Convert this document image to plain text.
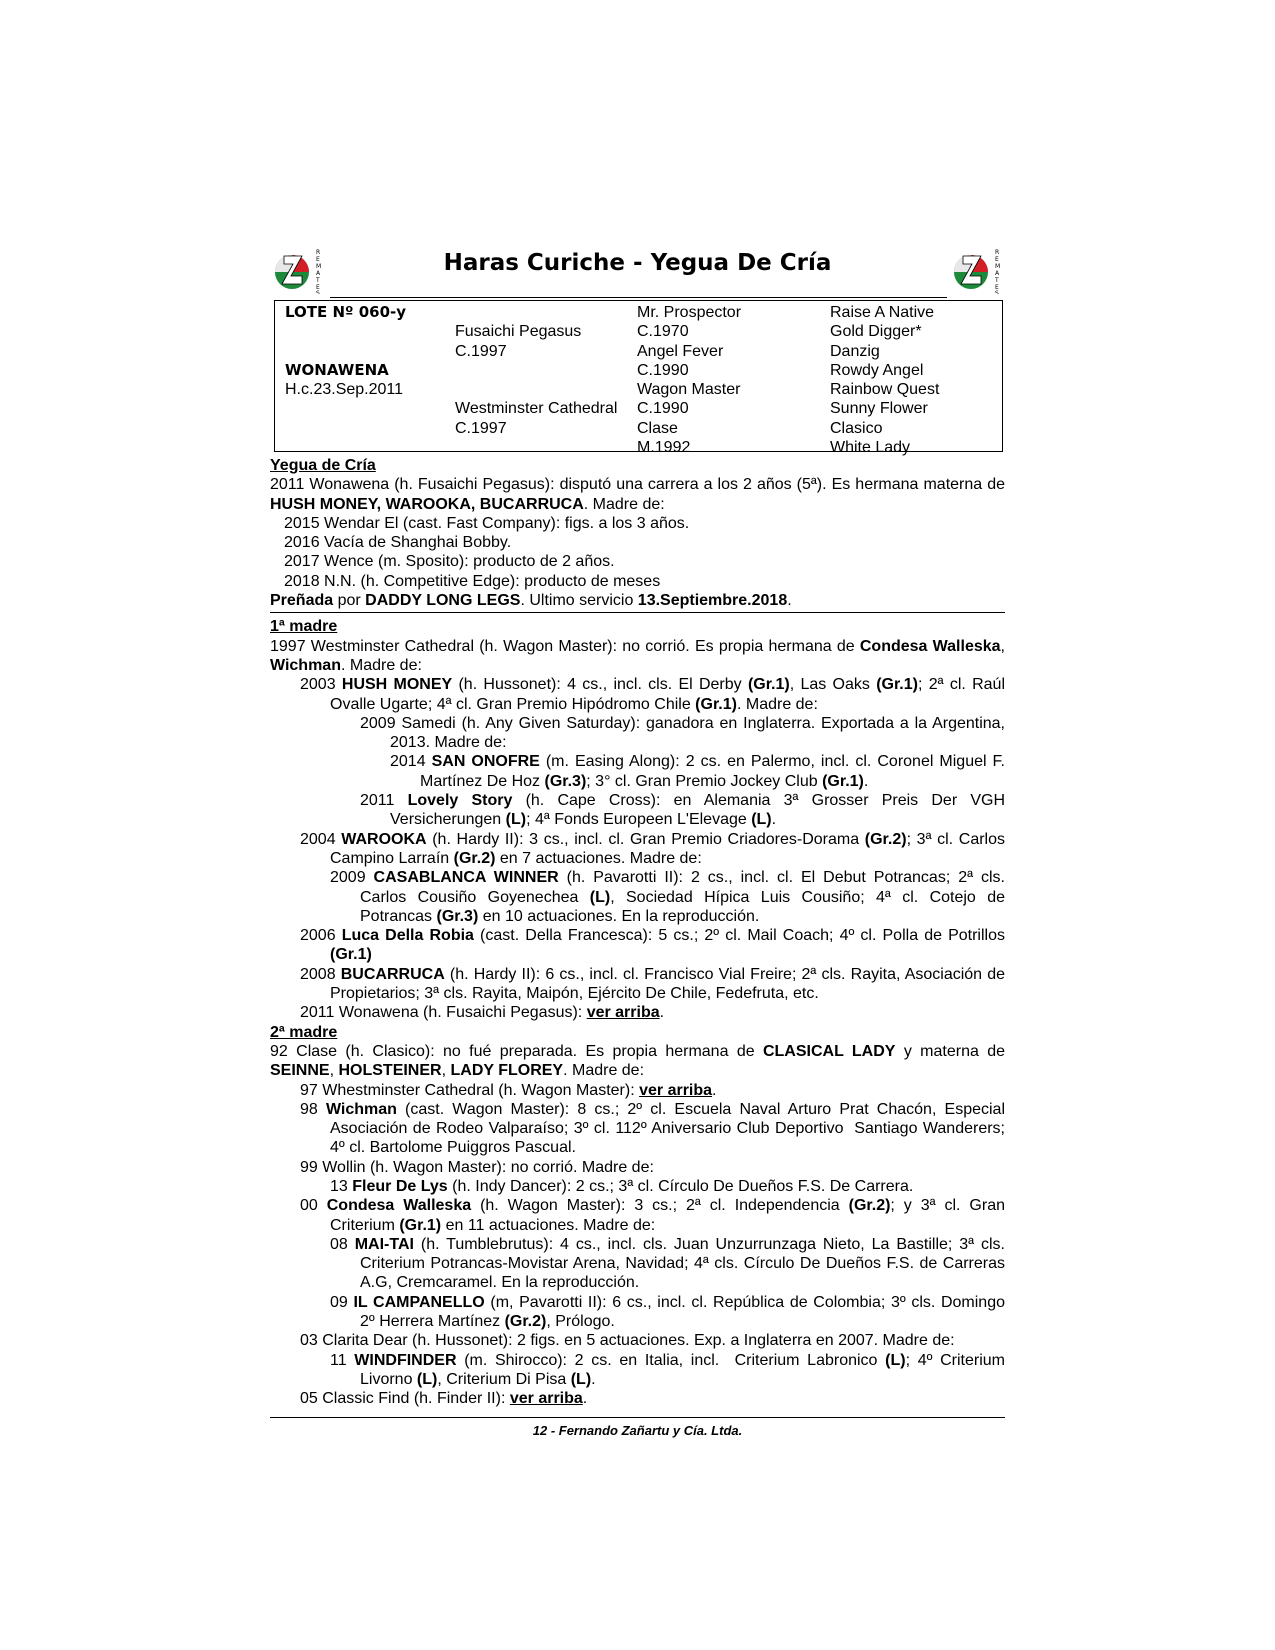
R
E
M
A
T
E
S
Haras Curiche - Yegua De Cría	R
E
M
A
T
E
S
LOTE Nº 060-y
WONAWENA
H.c.23.Sep.2011
Fusaichi Pegasus
C.1997
Westminster Cathedral
C.1997
Mr. Prospector
C.1970
Angel Fever
C.1990
Wagon Master
C.1990
Clase
M.1992
Raise A Native
Gold Digger*
Danzig
Rowdy Angel
Rainbow Quest
Sunny Flower
Clasico
White Lady
Yegua de Cría
2011 Wonawena (h. Fusaichi Pegasus): disputó una carrera a los 2 años (5ª). Es hermana materna de HUSH MONEY, WAROOKA, BUCARRUCA. Madre de:
2015 Wendar El (cast. Fast Company): figs. a los 3 años.
2016 Vacía de Shanghai Bobby.
2017 Wence (m. Sposito): producto de 2 años.
2018 N.N. (h. Competitive Edge): producto de meses
Preñada por DADDY LONG LEGS. Ultimo servicio 13.Septiembre.2018.
1ª madre
1997 Westminster Cathedral (h. Wagon Master): no corrió. Es propia hermana de Condesa Walleska, Wichman. Madre de:
2003 HUSH MONEY (h. Hussonet): 4 cs., incl. cls. El Derby (Gr.1), Las Oaks (Gr.1); 2ª cl. Raúl Ovalle Ugarte; 4ª cl. Gran Premio Hipódromo Chile (Gr.1). Madre de:
2009 Samedi (h. Any Given Saturday): ganadora en Inglaterra. Exportada a la Argentina, 2013. Madre de:
2014 SAN ONOFRE (m. Easing Along): 2 cs. en Palermo, incl. cl. Coronel Miguel F. Martínez De Hoz (Gr.3); 3° cl. Gran Premio Jockey Club (Gr.1).
2011 Lovely Story (h. Cape Cross): en Alemania 3ª Grosser Preis Der VGH Versicherungen (L); 4ª Fonds Europeen L'Elevage (L).
2004 WAROOKA (h. Hardy II): 3 cs., incl. cl. Gran Premio Criadores-Dorama (Gr.2); 3ª cl. Carlos Campino Larraín (Gr.2) en 7 actuaciones. Madre de:
2009 CASABLANCA WINNER (h. Pavarotti II): 2 cs., incl. cl. El Debut Potrancas; 2ª cls. Carlos Cousiño Goyenechea (L), Sociedad Hípica Luis Cousiño; 4ª cl. Cotejo de Potrancas (Gr.3) en 10 actuaciones. En la reproducción.
2006 Luca Della Robia (cast. Della Francesca): 5 cs.; 2º cl. Mail Coach; 4º cl. Polla de Potrillos (Gr.1)
2008 BUCARRUCA (h. Hardy II): 6 cs., incl. cl. Francisco Vial Freire; 2ª cls. Rayita, Asociación de Propietarios; 3ª cls. Rayita, Maipón, Ejército De Chile, Fedefruta, etc.
2011 Wonawena (h. Fusaichi Pegasus): ver arriba.
2ª madre
92 Clase (h. Clasico): no fué preparada. Es propia hermana de CLASICAL LADY y materna de SEINNE, HOLSTEINER, LADY FLOREY. Madre de:
97 Whestminster Cathedral (h. Wagon Master): ver arriba.
98 Wichman (cast. Wagon Master): 8 cs.; 2º cl. Escuela Naval Arturo Prat Chacón, Especial Asociación de Rodeo Valparaíso; 3º cl. 112º Aniversario Club Deportivo  Santiago Wanderers; 4º cl. Bartolome Puiggros Pascual.
99 Wollin (h. Wagon Master): no corrió. Madre de:
13 Fleur De Lys (h. Indy Dancer): 2 cs.; 3ª cl. Círculo De Dueños F.S. De Carrera.
00 Condesa Walleska (h. Wagon Master): 3 cs.; 2ª cl. Independencia (Gr.2); y 3ª cl. Gran Criterium (Gr.1) en 11 actuaciones. Madre de:
08 MAI-TAI (h. Tumblebrutus): 4 cs., incl. cls. Juan Unzurrunzaga Nieto, La Bastille; 3ª cls. Criterium Potrancas-Movistar Arena, Navidad; 4ª cls. Círculo De Dueños F.S. de Carreras A.G, Cremcaramel. En la reproducción.
09 IL CAMPANELLO (m, Pavarotti II): 6 cs., incl. cl. República de Colombia; 3º cls. Domingo 2º Herrera Martínez (Gr.2), Prólogo.
03 Clarita Dear (h. Hussonet): 2 figs. en 5 actuaciones. Exp. a Inglaterra en 2007. Madre de:
11 WINDFINDER (m. Shirocco): 2 cs. en Italia, incl.  Criterium Labronico (L); 4º Criterium Livorno (L), Criterium Di Pisa (L).
05 Classic Find (h. Finder II): ver arriba.
12 - Fernando Zañartu y Cía. Ltda.
